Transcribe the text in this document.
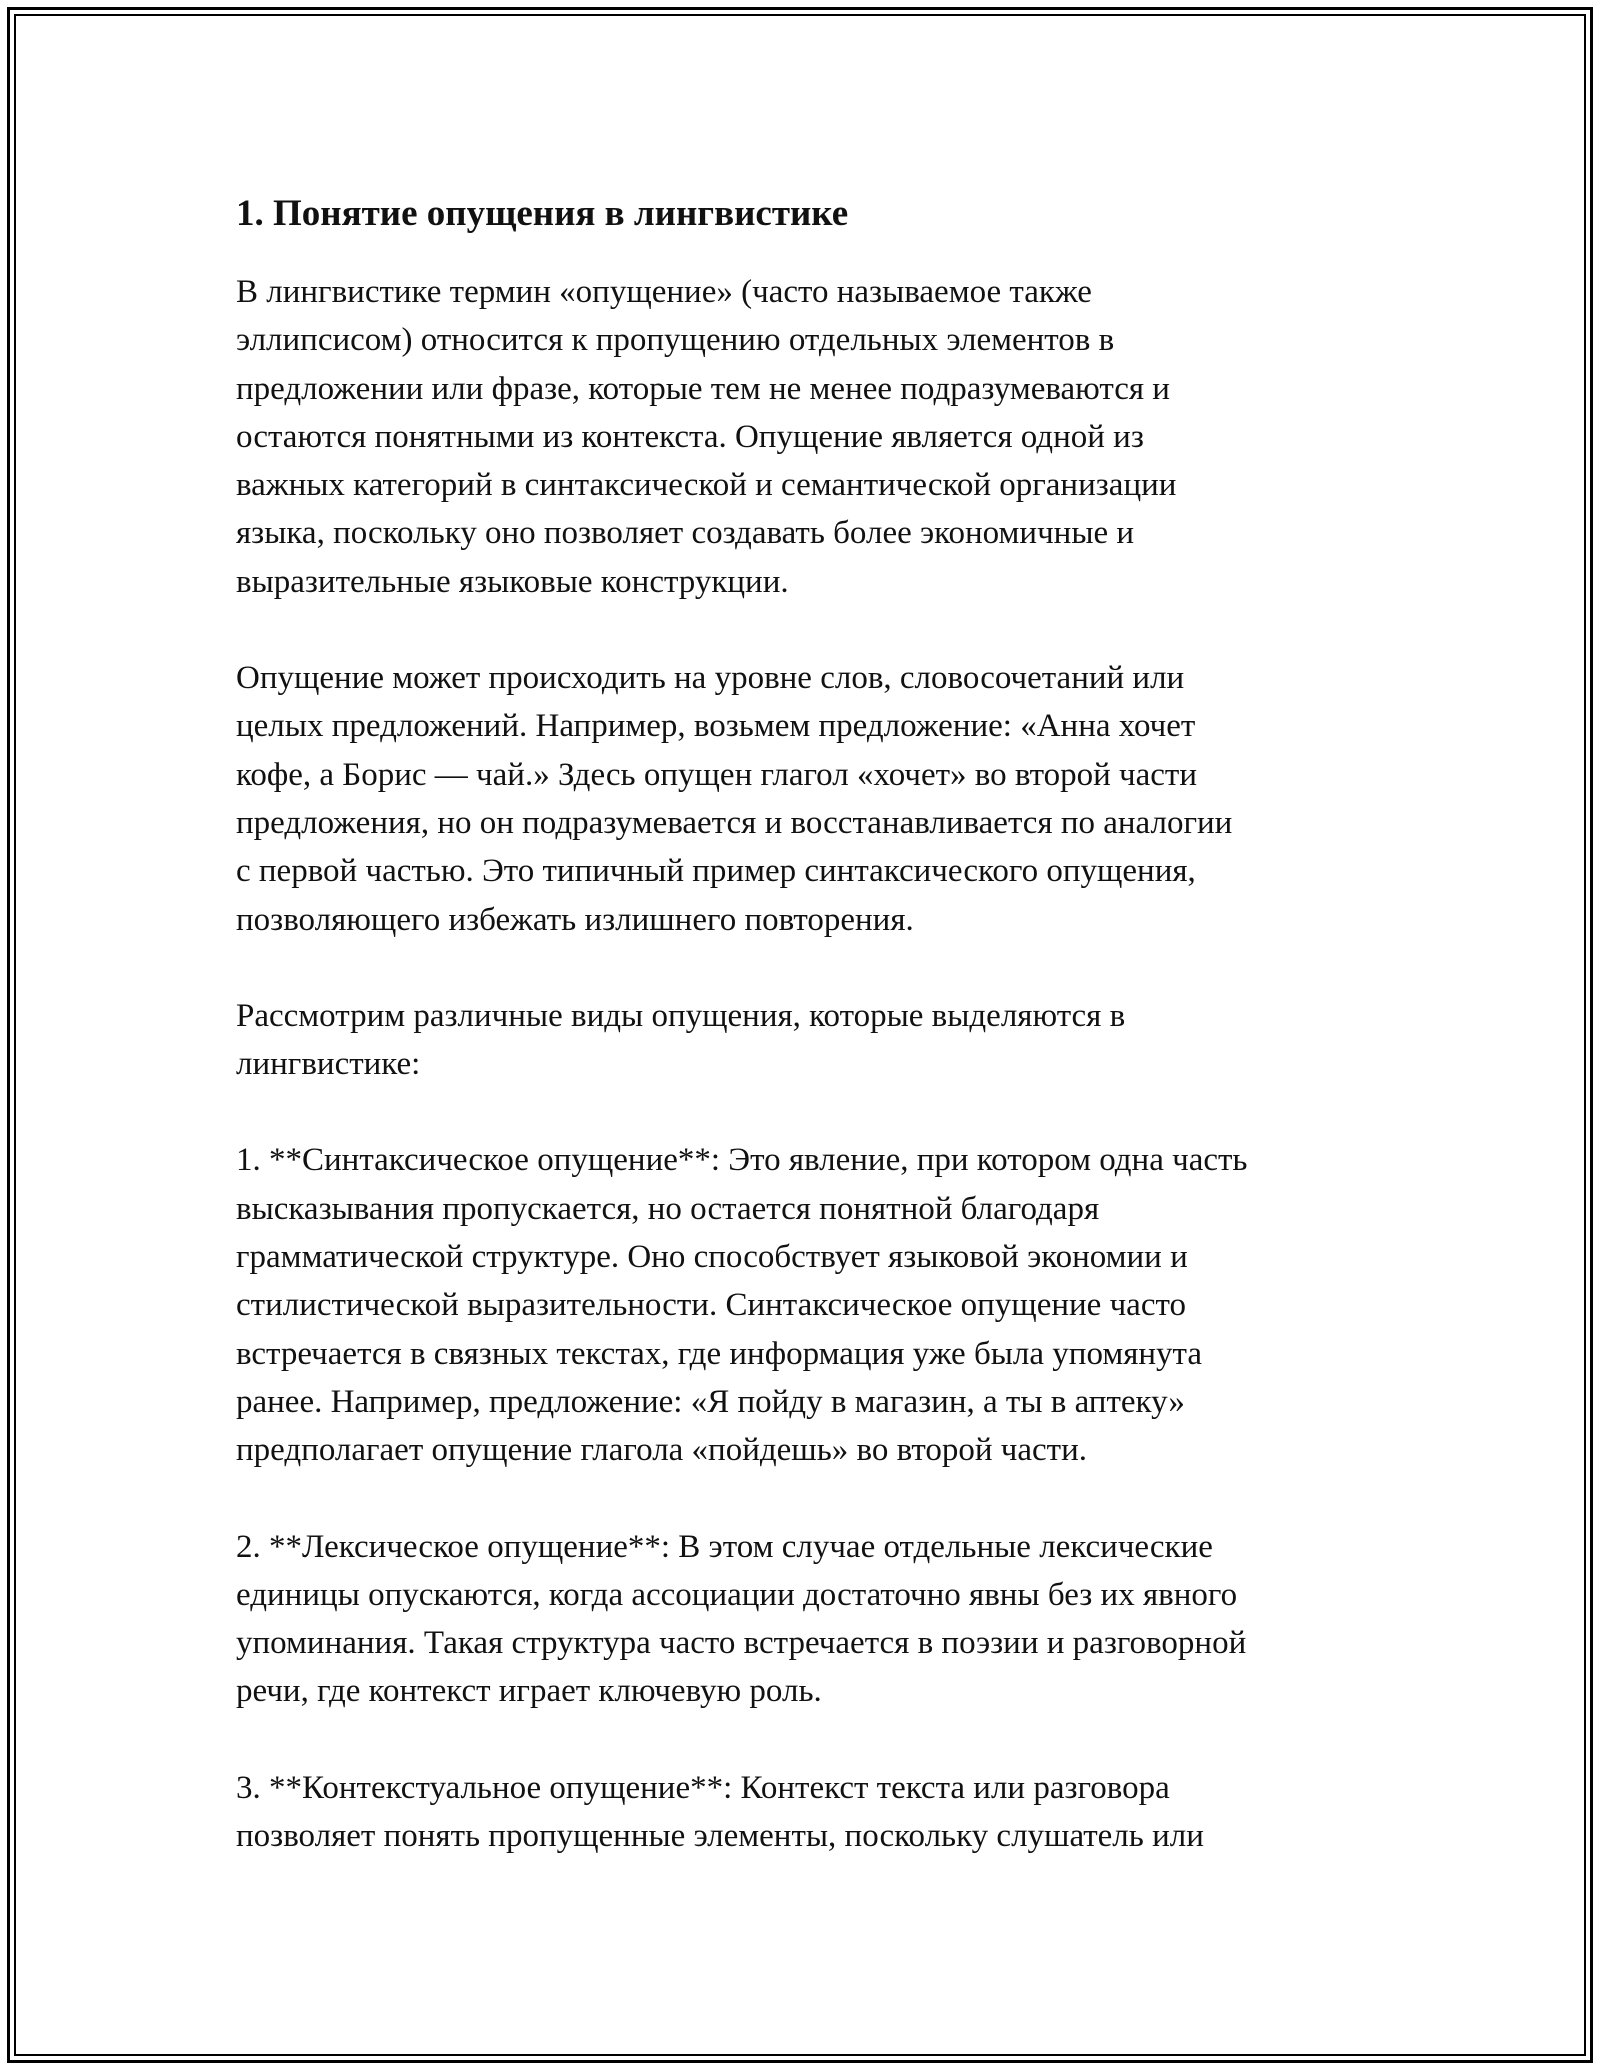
1. Понятие опущения в лингвистике

В лингвистике термин «опущение» (часто называемое также
эллипсисом) относится к пропущению отдельных элементов в
предложении или фразе, которые тем не менее подразумеваются и
остаются понятными из контекста. Опущение является одной из
важных категорий в синтаксической и семантической организации
языка, поскольку оно позволяет создавать более экономичные и
выразительные языковые конструкции.

Опущение может происходить на уровне слов, словосочетаний или
целых предложений. Например, возьмем предложение: «Анна хочет
кофе, а Борис — чай.» Здесь опущен глагол «хочет» во второй части
предложения, но он подразумевается и восстанавливается по аналогии
с первой частью. Это типичный пример синтаксического опущения,
позволяющего избежать излишнего повторения.

Рассмотрим различные виды опущения, которые выделяются в
лингвистике:

1. **Синтаксическое опущение**: Это явление, при котором одна часть
высказывания пропускается, но остается понятной благодаря
грамматической структуре. Оно способствует языковой экономии и
стилистической выразительности. Синтаксическое опущение часто
встречается в связных текстах, где информация уже была упомянута
ранее. Например, предложение: «Я пойду в магазин, а ты в аптеку»
предполагает опущение глагола «пойдешь» во второй части.

2. **Лексическое опущение**: В этом случае отдельные лексические
единицы опускаются, когда ассоциации достаточно явны без их явного
упоминания. Такая структура часто встречается в поэзии и разговорной
речи, где контекст играет ключевую роль.

3. **Контекстуальное опущение**: Контекст текста или разговора
позволяет понять пропущенные элементы, поскольку слушатель или
